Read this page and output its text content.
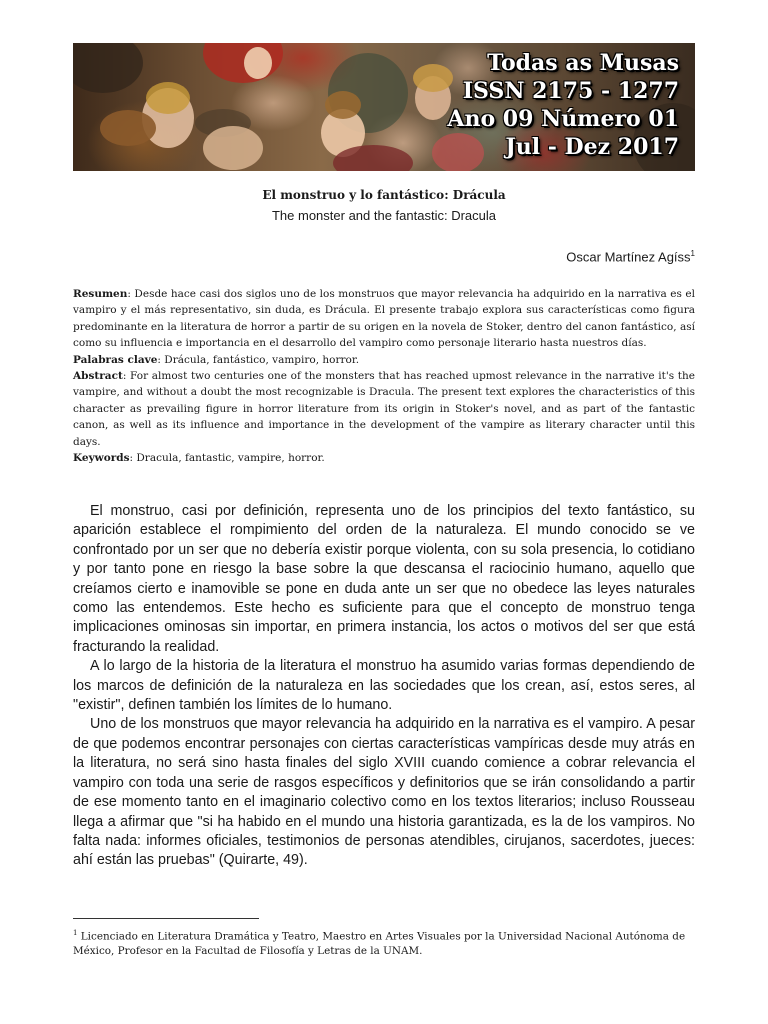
Todas as Musas
ISSN 2175 - 1277
Ano 09 Número 01
Jul - Dez 2017
El monstruo y lo fantástico: Drácula
The monster and the fantastic: Dracula
Oscar Martínez Agíss$^1$

Resumen: Desde hace casi dos siglos uno de los monstruos que mayor relevancia ha adquirido en la narrativa es el vampiro y el más representativo, sin duda, es Drácula. El presente trabajo explora sus características como figura predominante en la literatura de horror a partir de su origen en la novela de Stoker, dentro del canon fantástico, así como su influencia e importancia en el desarrollo del vampiro como personaje literario hasta nuestros días.

Palabras clave: Drácula, fantástico, vampiro, horror.

Abstract: For almost two centuries one of the monsters that has reached upmost relevance in the narrative it's the vampire, and without a doubt the most recognizable is Dracula. The present text explores the characteristics of this character as prevailing figure in horror literature from its origin in Stoker's novel, and as part of the fantastic canon, as well as its influence and importance in the development of the vampire as literary character until this days.

Keywords: Dracula, fantastic, vampire, horror.

El monstruo, casi por definición, representa uno de los principios del texto fantástico, su aparición establece el rompimiento del orden de la naturaleza. El mundo conocido se ve confrontado por un ser que no debería existir porque violenta, con su sola presencia, lo cotidiano y por tanto pone en riesgo la base sobre la que descansa el raciocinio humano, aquello que creíamos cierto e inamovible se pone en duda ante un ser que no obedece las leyes naturales como las entendemos. Este hecho es suficiente para que el concepto de monstruo tenga implicaciones ominosas sin importar, en primera instancia, los actos o motivos del ser que está fracturando la realidad.

A lo largo de la historia de la literatura el monstruo ha asumido varias formas dependiendo de los marcos de definición de la naturaleza en las sociedades que los crean, así, estos seres, al "existir", definen también los límites de lo humano.

Uno de los monstruos que mayor relevancia ha adquirido en la narrativa es el vampiro. A pesar de que podemos encontrar personajes con ciertas características vampíricas desde muy atrás en la literatura, no será sino hasta finales del siglo XVIII cuando comience a cobrar relevancia el vampiro con toda una serie de rasgos específicos y definitorios que se irán consolidando a partir de ese momento tanto en el imaginario colectivo como en los textos literarios; incluso Rousseau llega a afirmar que "si ha habido en el mundo una historia garantizada, es la de los vampiros. No falta nada: informes oficiales, testimonios de personas atendibles, cirujanos, sacerdotes, jueces: ahí están las pruebas" (Quirarte, 49).

$^1$ Licenciado en Literatura Dramática y Teatro, Maestro en Artes Visuales por la Universidad Nacional Autónoma de México, Profesor en la Facultad de Filosofía y Letras de la UNAM.
